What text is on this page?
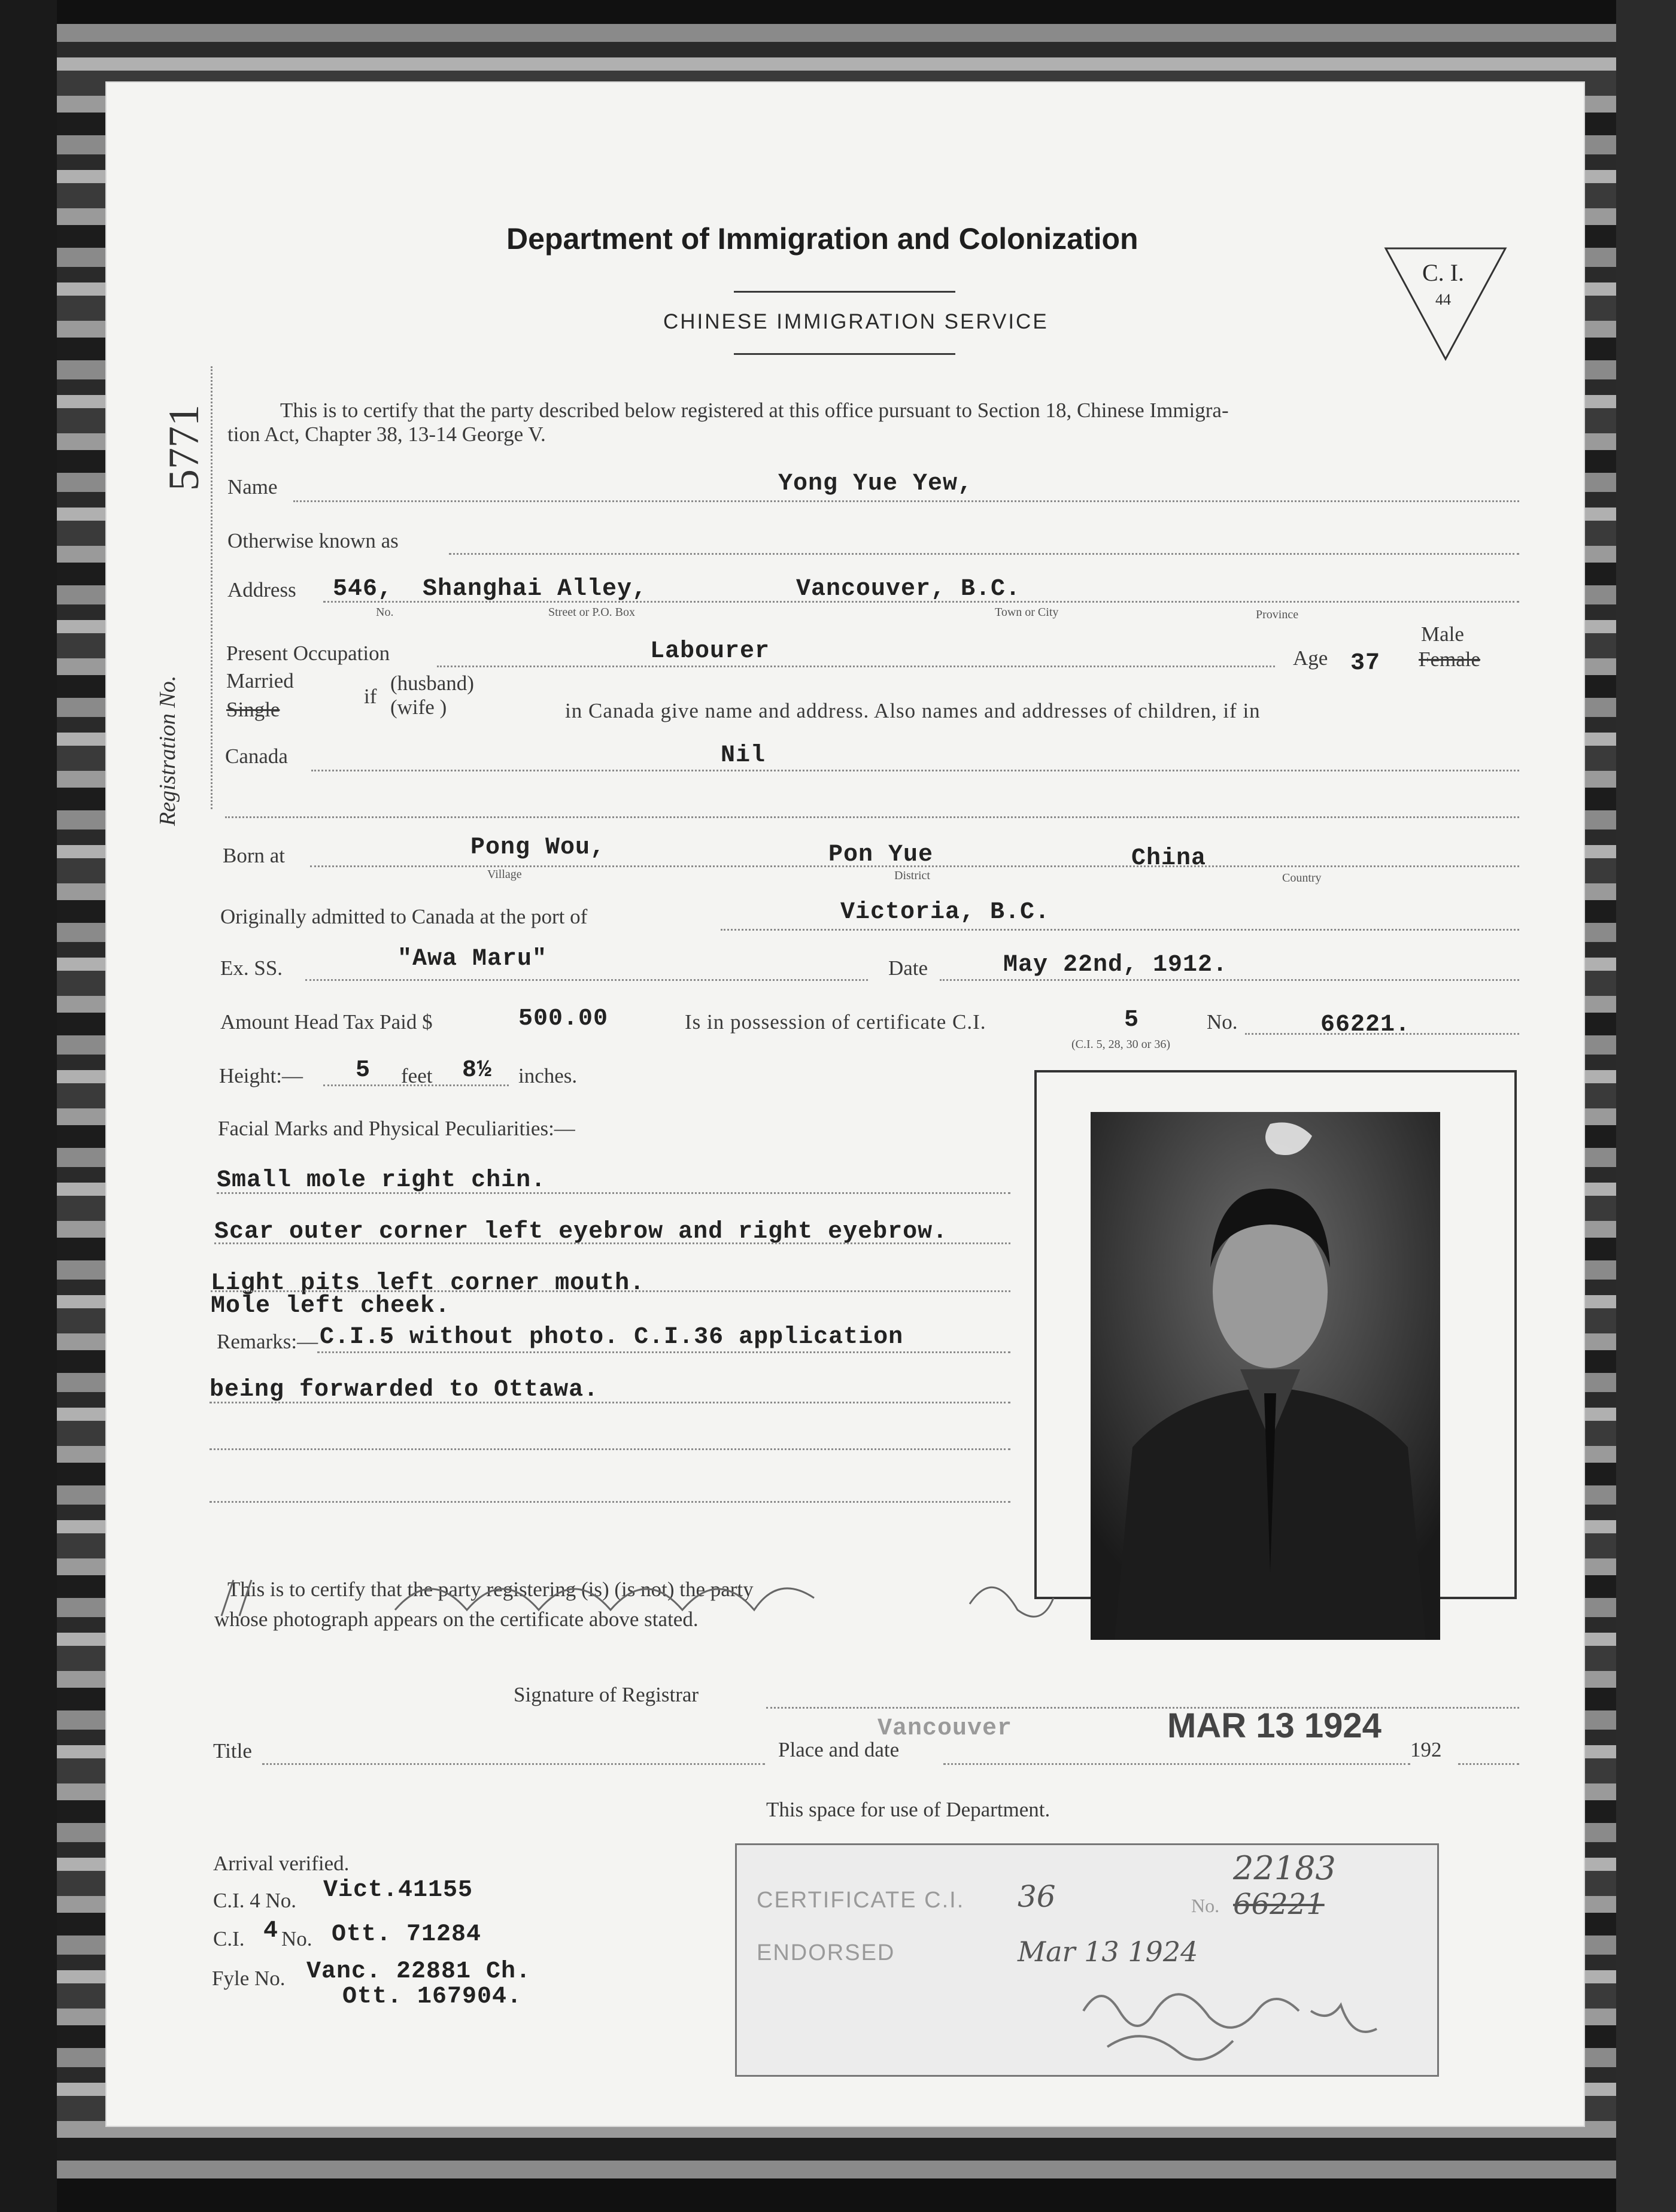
Department of Immigration and Colonization
CHINESE IMMIGRATION SERVICE
C. I.
44
5771
Registration No.
This is to certify that the party described below registered at this office pursuant to Section 18, Chinese Immigra-
tion Act, Chapter 38, 13-14 George V.
Name	Yong Yue Yew,
Otherwise known as
Address 546, Shanghai Alley,	Vancouver, B.C.
No.	Street or P.O. Box	Town or City	Province
Present Occupation	Labourer	Age 37
Male
Female
Married
Single
if
(husband)
(wife )	in Canada give name and address. Also names and addresses of children, if in
Canada	Nil
Born at	Pong Wou,	Pon Yue	China
Village	District	Country
Originally admitted to Canada at the port of	Victoria, B.C.
Ex. SS.	"Awa Maru"	Date	May 22nd, 1912.
Amount Head Tax Paid $	500.00	Is in possession of certificate C.I.	5	No.	66221.
(C.I. 5, 28, 30 or 36)
Height:— 5 feet 8½ inches.
Facial Marks and Physical Peculiarities:—
Small mole right chin.
Scar outer corner left eyebrow and right eyebrow.
Light pits left corner mouth.
Mole left cheek.
Remarks:— C.I.5 without photo. C.I.36 application
being forwarded to Ottawa.
This is to certify that the party registering (is) (is not) the party
whose photograph appears on the certificate above stated.
Signature of Registrar
Title	Place and date
Vancouver	MAR 13 1924
192
This space for use of Department.
Arrival verified.
C.I. 4 No. Vict.41155
C.I. 4 No. Ott. 71284
Fyle No. Vanc. 22881 Ch.
Ott. 167904.
CERTIFICATE C.I. 36	No.
22183
66221
ENDORSED	Mar 13 1924
